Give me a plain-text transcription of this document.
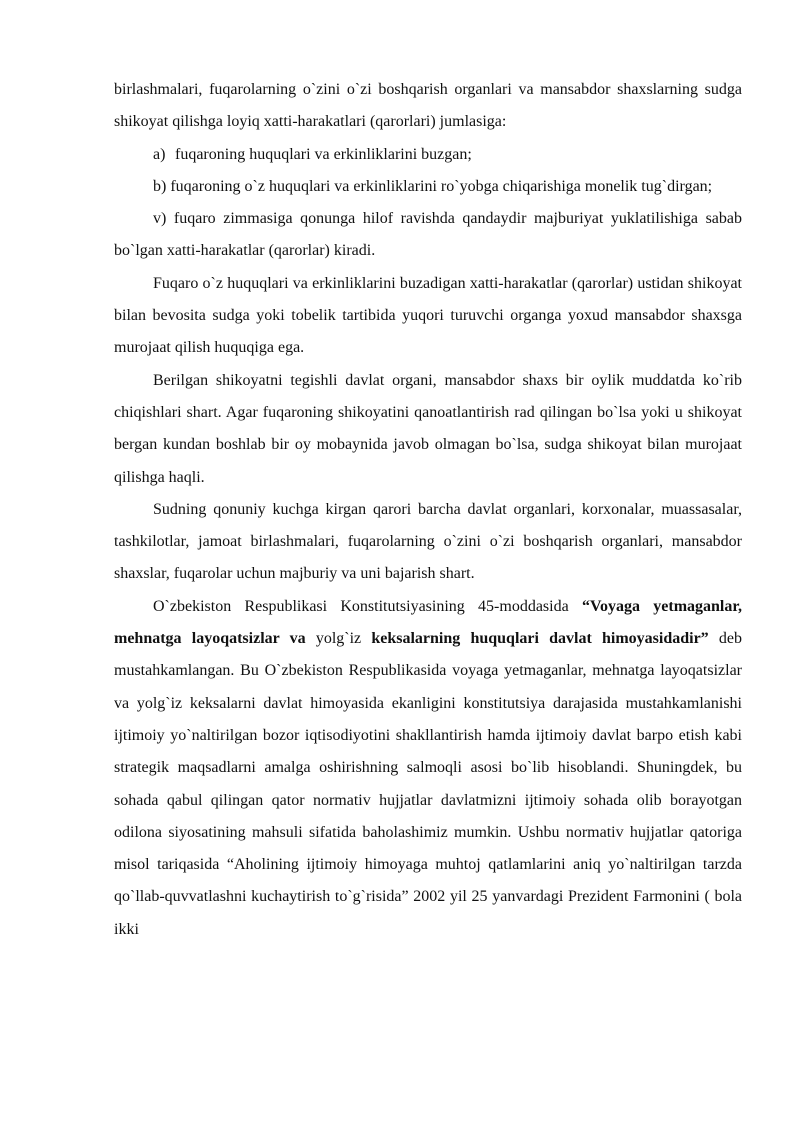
birlashmalari, fuqarolarning o`zini o`zi boshqarish organlari va mansabdor shaxslarning sudga shikoyat qilishga loyiq xatti-harakatlari (qarorlari) jumlasiga:

a) fuqaroning huquqlari va erkinliklarini buzgan;

b) fuqaroning o`z huquqlari va erkinliklarini ro`yobga chiqarishiga monelik tug`dirgan;

v) fuqaro zimmasiga qonunga hilof ravishda qandaydir majburiyat yuklatilishiga sabab bo`lgan xatti-harakatlar (qarorlar) kiradi.

Fuqaro o`z huquqlari va erkinliklarini buzadigan xatti-harakatlar (qarorlar) ustidan shikoyat bilan bevosita sudga yoki tobelik tartibida yuqori turuvchi organga yoxud mansabdor shaxsga murojaat qilish huquqiga ega.

Berilgan shikoyatni tegishli davlat organi, mansabdor shaxs bir oylik muddatda ko`rib chiqishlari shart. Agar fuqaroning shikoyatini qanoatlantirish rad qilingan bo`lsa yoki u shikoyat bergan kundan boshlab bir oy mobaynida javob olmagan bo`lsa, sudga shikoyat bilan murojaat qilishga haqli.

Sudning qonuniy kuchga kirgan qarori barcha davlat organlari, korxonalar, muassasalar, tashkilotlar, jamoat birlashmalari, fuqarolarning o`zini o`zi boshqarish organlari, mansabdor shaxslar, fuqarolar uchun majburiy va uni bajarish shart.

O`zbekiston Respublikasi Konstitutsiyasining 45-moddasida “Voyaga yetmaganlar, mehnatga layoqatsizlar va yolg`iz keksalarning huquqlari davlat himoyasidadir” deb mustahkamlangan. Bu O`zbekiston Respublikasida voyaga yetmaganlar, mehnatga layoqatsizlar va yolg`iz keksalarni davlat himoyasida ekanligini konstitutsiya darajasida mustahkamlanishi ijtimoiy yo`naltirilgan bozor iqtisodiyotini shakllantirish hamda ijtimoiy davlat barpo etish kabi strategik maqsadlarni amalga oshirishning salmoqli asosi bo`lib hisoblandi. Shuningdek, bu sohada qabul qilingan qator normativ hujjatlar davlatmizni ijtimoiy sohada olib borayotgan odilona siyosatining mahsuli sifatida baholashimiz mumkin. Ushbu normativ hujjatlar qatoriga misol tariqasida “Aholining ijtimoiy himoyaga muhtoj qatlamlarini aniq yo`naltirilgan tarzda qo`llab-quvvatlashni kuchaytirish to`g`risida” 2002 yil 25 yanvardagi Prezident Farmonini ( bola ikki
